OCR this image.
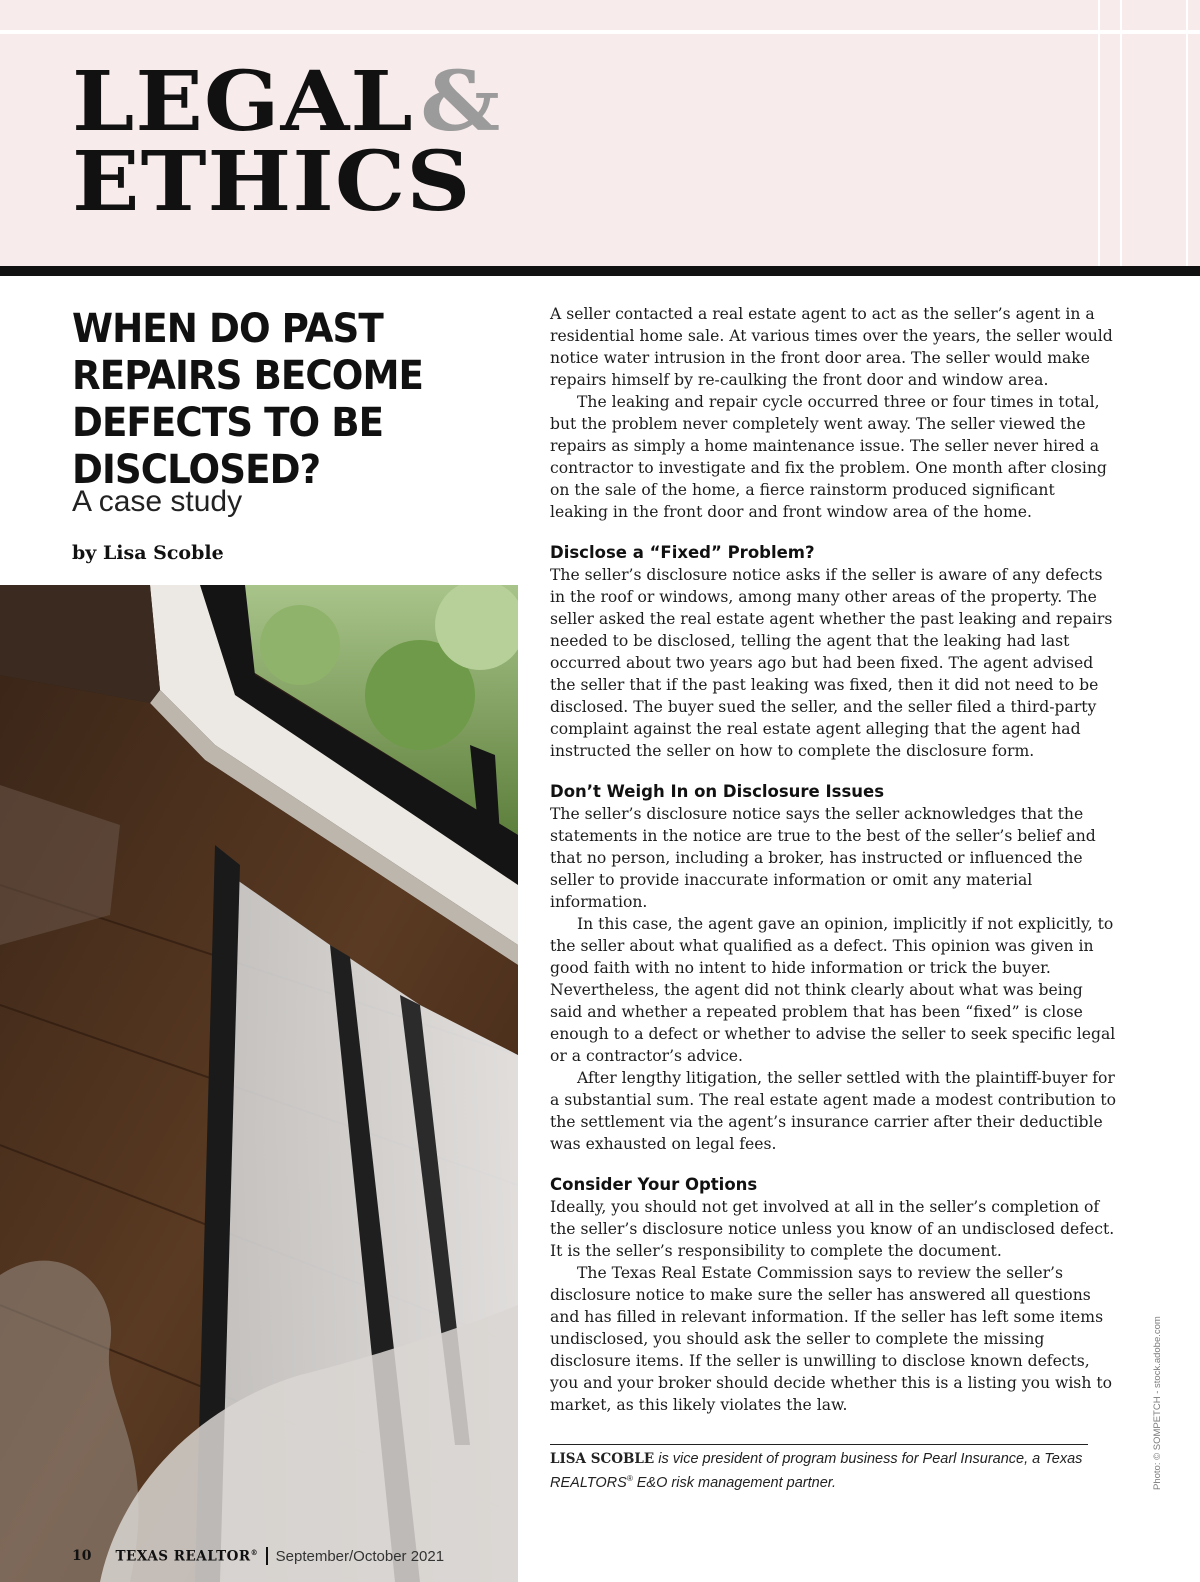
LEGAL&
ETHICS
WHEN DO PAST REPAIRS BECOME DEFECTS TO BE DISCLOSED?

A case study

by Lisa Scoble

A seller contacted a real estate agent to act as the seller’s agent in a residential home sale. At various times over the years, the seller would notice water intrusion in the front door area. The seller would make repairs himself by re-caulking the front door and window area.

The leaking and repair cycle occurred three or four times in total, but the problem never completely went away. The seller viewed the repairs as simply a home maintenance issue. The seller never hired a contractor to investigate and fix the problem. One month after closing on the sale of the home, a fierce rainstorm produced significant leaking in the front door and front window area of the home.

Disclose a “Fixed” Problem?

The seller’s disclosure notice asks if the seller is aware of any defects in the roof or windows, among many other areas of the property. The seller asked the real estate agent whether the past leaking and repairs needed to be disclosed, telling the agent that the leaking had last occurred about two years ago but had been fixed. The agent advised the seller that if the past leaking was fixed, then it did not need to be disclosed. The buyer sued the seller, and the seller filed a third-party complaint against the real estate agent alleging that the agent had instructed the seller on how to complete the disclosure form.

Don’t Weigh In on Disclosure Issues

The seller’s disclosure notice says the seller acknowledges that the statements in the notice are true to the best of the seller’s belief and that no person, including a broker, has instructed or influenced the seller to provide inaccurate information or omit any material information.

In this case, the agent gave an opinion, implicitly if not explicitly, to the seller about what qualified as a defect. This opinion was given in good faith with no intent to hide information or trick the buyer. Nevertheless, the agent did not think clearly about what was being said and whether a repeated problem that has been “fixed” is close enough to a defect or whether to advise the seller to seek specific legal or a contractor’s advice.

After lengthy litigation, the seller settled with the plaintiff-buyer for a substantial sum. The real estate agent made a modest contribution to the settlement via the agent’s insurance carrier after their deductible was exhausted on legal fees.

Consider Your Options

Ideally, you should not get involved at all in the seller’s completion of the seller’s disclosure notice unless you know of an undisclosed defect. It is the seller’s responsibility to complete the document.

The Texas Real Estate Commission says to review the seller’s disclosure notice to make sure the seller has answered all questions and has filled in relevant information. If the seller has left some items undisclosed, you should ask the seller to complete the missing disclosure items. If the seller is unwilling to disclose known defects, you and your broker should decide whether this is a listing you wish to market, as this likely violates the law.

LISA SCOBLE is vice president of program business for Pearl Insurance, a Texas REALTORS® E&O risk management partner.	Photo: © SOMPETCH - stock.adobe.com
10 TEXAS REALTOR® September/October 2021
